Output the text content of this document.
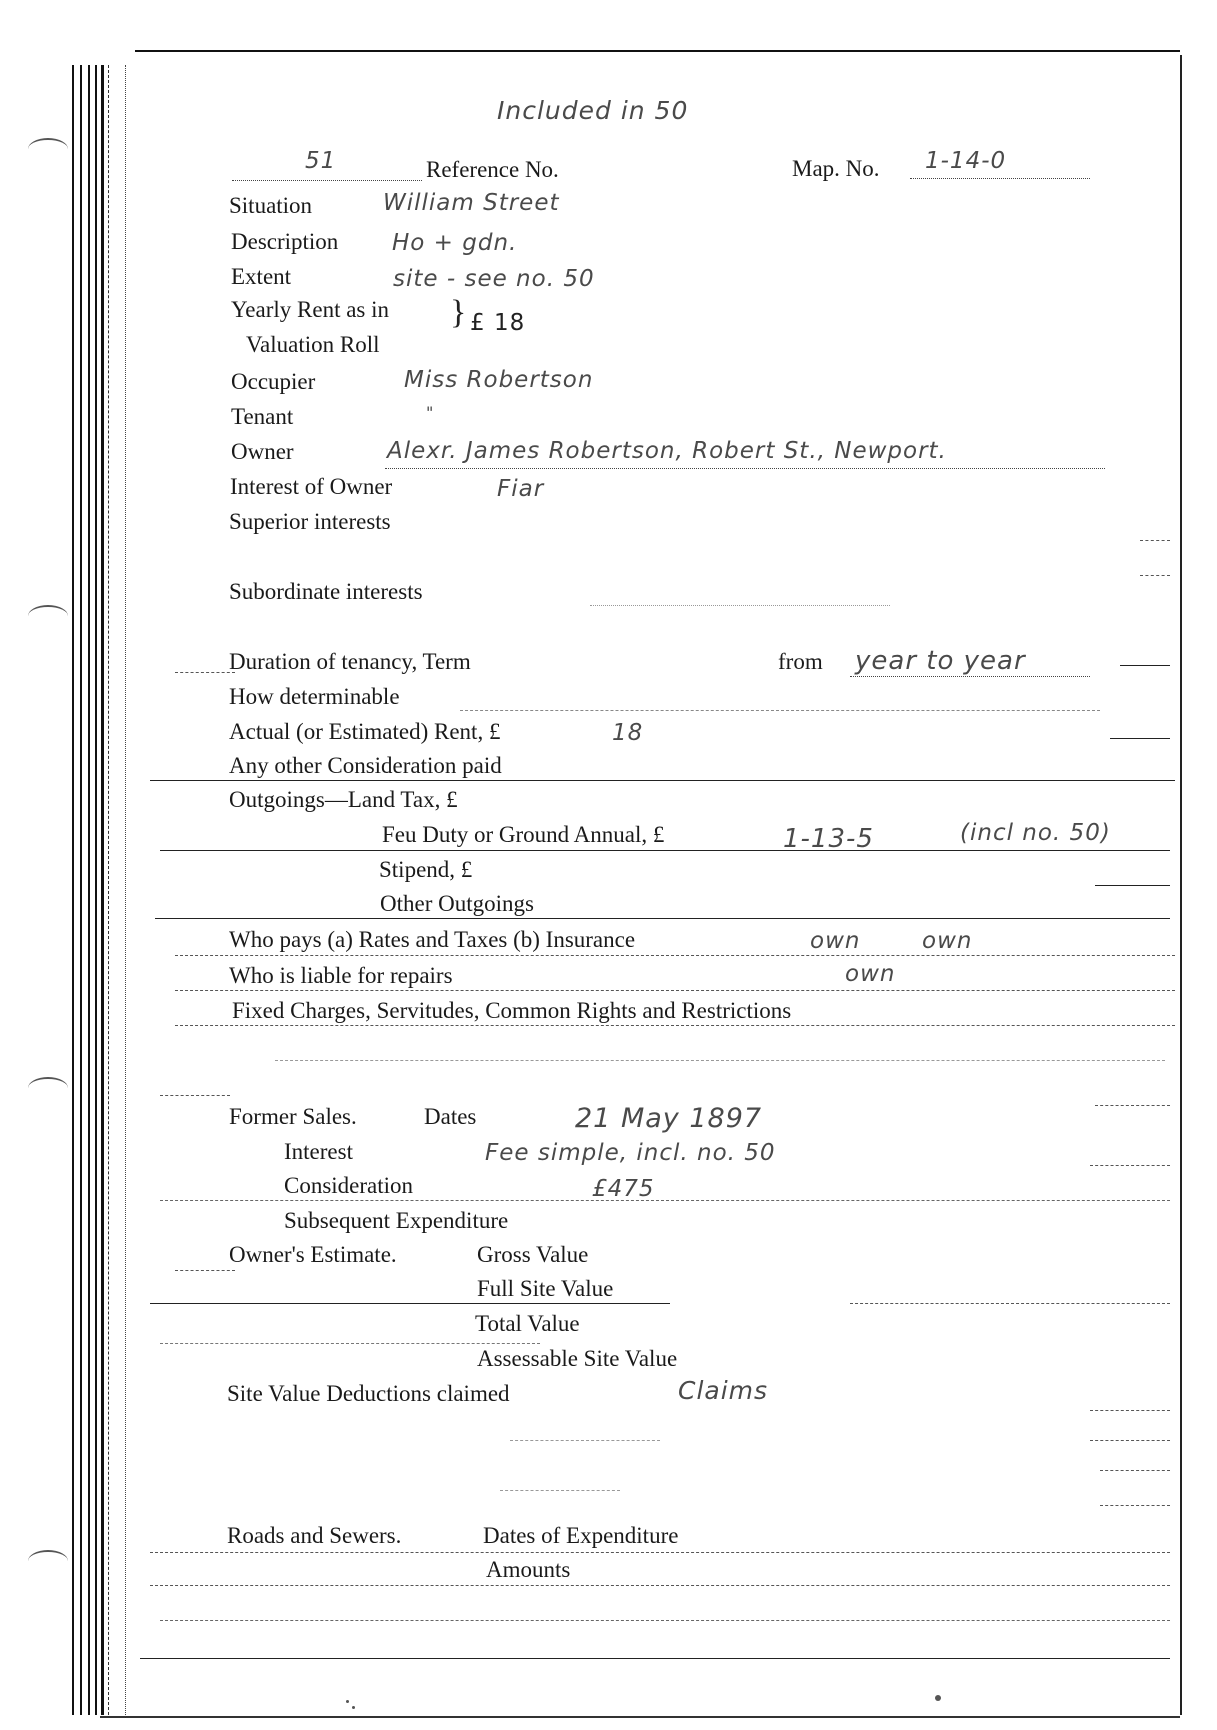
Included in 50
51	Reference No.	Map. No. 1-14-0
Situation	William Street
Description Ho + gdn.
Extent	site - see no. 50
Yearly Rent as in
Valuation Roll
} £ 18
Occupier	Miss Robertson
Tenant	"
Owner	Alexr. James Robertson, Robert St., Newport.
Interest of Owner	Fiar
Superior interests
Subordinate interests
Duration of tenancy, Term	from year to year
How determinable
Actual (or Estimated) Rent, £	18
Any other Consideration paid
Outgoings—Land Tax, £
Feu Duty or Ground Annual, £	1-13-5	(incl no. 50)
Stipend, £
Other Outgoings
Who pays (a) Rates and Taxes (b) Insurance	own	own
Who is liable for repairs	own
Fixed Charges, Servitudes, Common Rights and Restrictions
Former Sales.	Dates	21 May 1897
Interest	Fee simple, incl. no. 50
Consideration	£475
Subsequent Expenditure
Owner's Estimate.	Gross Value
Full Site Value
Total Value
Assessable Site Value
Site Value Deductions claimed	Claims
Roads and Sewers.	Dates of Expenditure
Amounts
